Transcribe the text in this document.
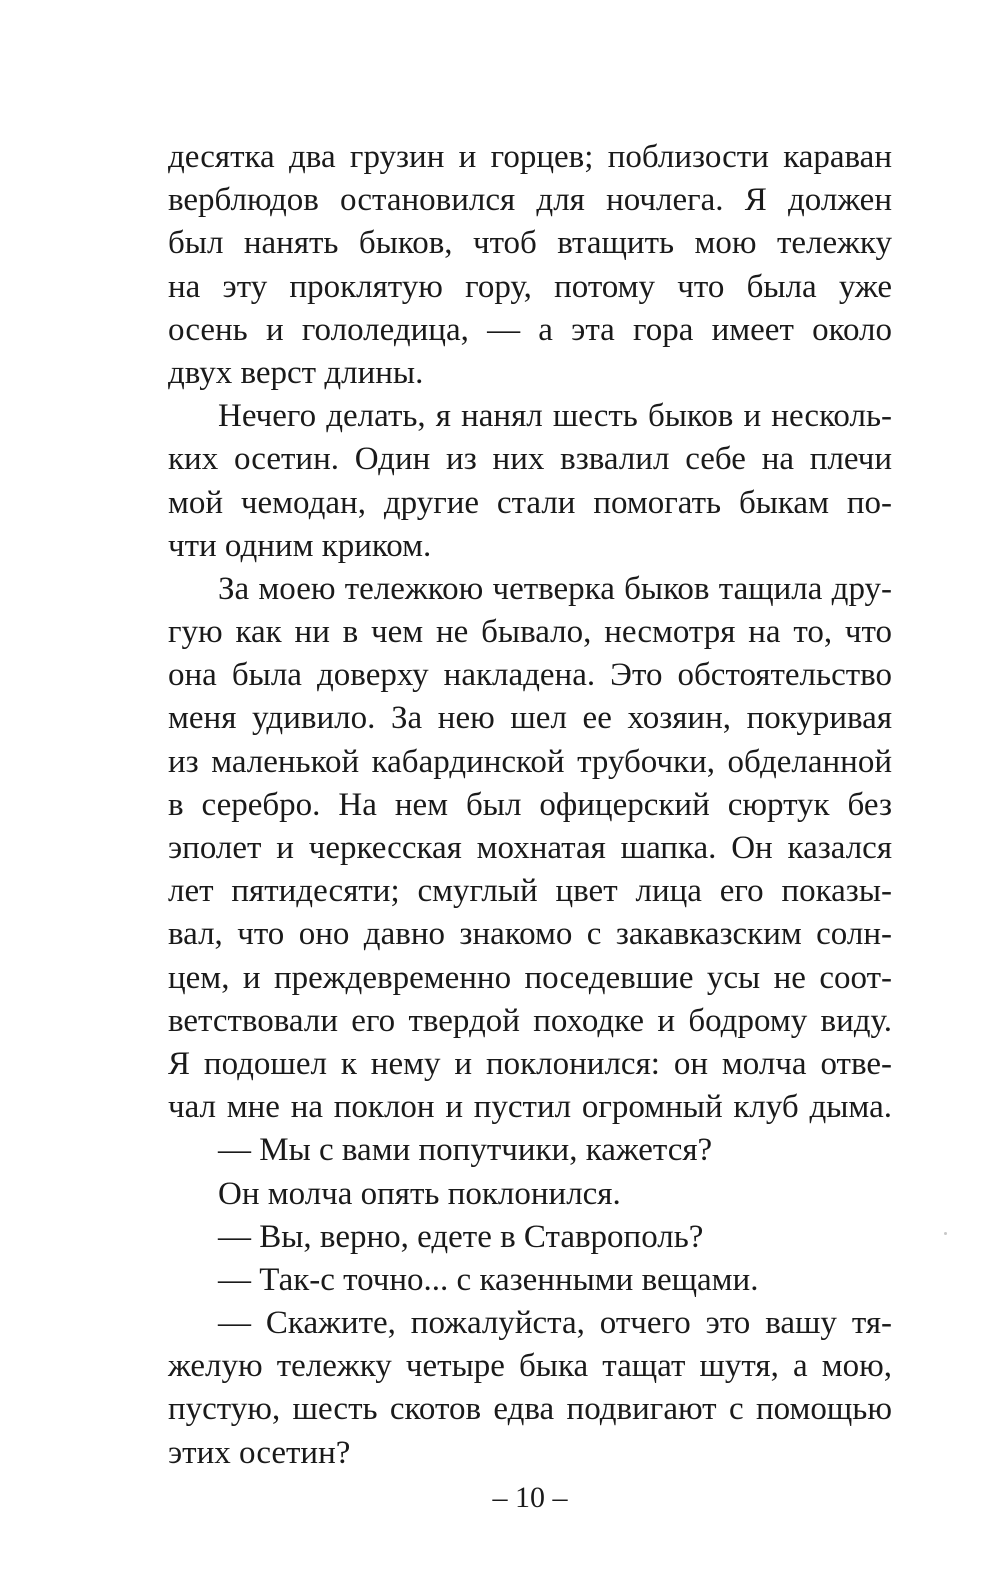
десятка два грузин и горцев; поблизости караван
верблюдов остановился для ночлега. Я должен
был нанять быков, чтоб втащить мою тележку
на эту проклятую гору, потому что была уже
осень и гололедица, — а эта гора имеет около
двух верст длины.
Нечего делать, я нанял шесть быков и несколь-
ких осетин. Один из них взвалил себе на плечи
мой чемодан, другие стали помогать быкам по-
чти одним криком.
За моею тележкою четверка быков тащила дру-
гую как ни в чем не бывало, несмотря на то, что
она была доверху накладена. Это обстоятельство
меня удивило. За нею шел ее хозяин, покуривая
из маленькой кабардинской трубочки, обделанной
в серебро. На нем был офицерский сюртук без
эполет и черкесская мохнатая шапка. Он казался
лет пятидесяти; смуглый цвет лица его показы-
вал, что оно давно знакомо с закавказским солн-
цем, и преждевременно поседевшие усы не соот-
ветствовали его твердой походке и бодрому виду.
Я подошел к нему и поклонился: он молча отве-
чал мне на поклон и пустил огромный клуб дыма.
— Мы с вами попутчики, кажется?
Он молча опять поклонился.
— Вы, верно, едете в Ставрополь?
— Так-с точно... с казенными вещами.
— Скажите, пожалуйста, отчего это вашу тя-
желую тележку четыре быка тащат шутя, а мою,
пустую, шесть скотов едва подвигают с помощью
этих осетин?
– 10 –
